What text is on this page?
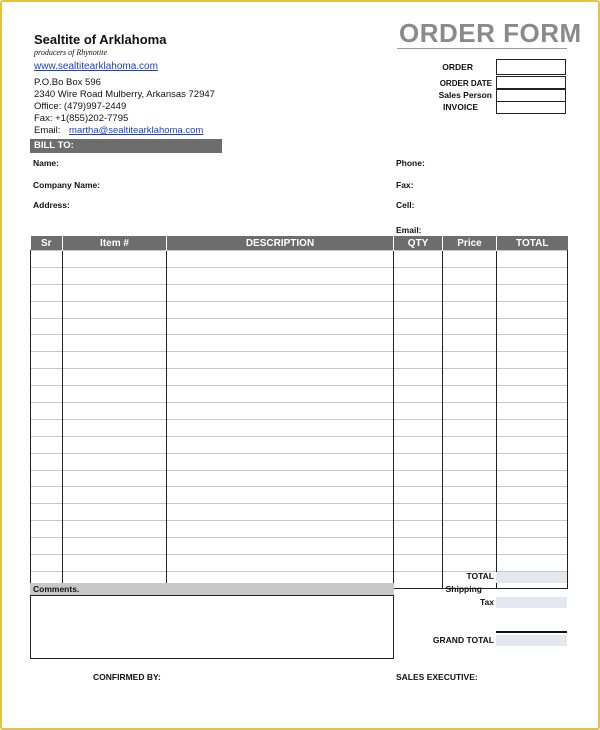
Sealtite of Arklahoma
producers of Rhynotite
www.sealtitearklahoma.com
P.O.Bo Box 596
2340 Wire Road Mulberry, Arkansas 72947
Office: (479)997-2449
Fax: +1(855)202-7795
Email: martha@sealtitearklahoma.com
ORDER FORM
ORDER
ORDER DATE
Sales Person
INVOICE
BILL TO:
Name:
Company Name:
Address:
Phone:
Fax:
Cell:
Email:
Sr	Item #	DESCRIPTION	QTY	Price	TOTAL

Comments.
TOTAL
Shipping
Tax
GRAND TOTAL
CONFIRMED BY:	SALES EXECUTIVE:
